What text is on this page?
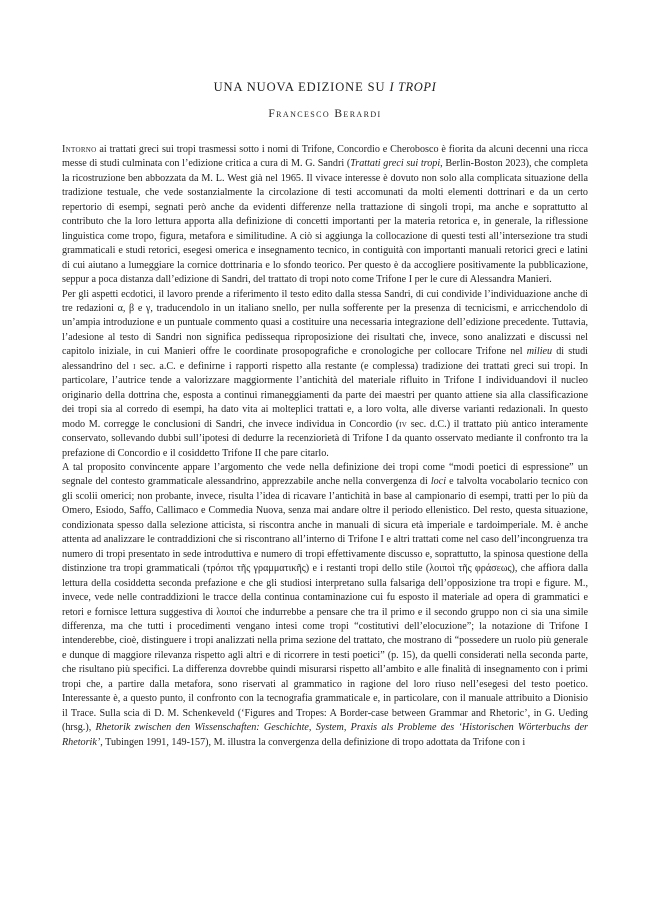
UNA NUOVA EDIZIONE SU I TROPI
Francesco Berardi

Intorno ai trattati greci sui tropi trasmessi sotto i nomi di Trifone, Concordio e Cherobosco è fiorita da alcuni decenni una ricca messe di studi culminata con l’edizione critica a cura di M. G. Sandri (Trattati greci sui tropi, Berlin-Boston 2023), che completa la ricostruzione ben abbozzata da M. L. West già nel 1965. Il vivace interesse è dovuto non solo alla complicata situazione della tradizione testuale, che vede sostanzialmente la circolazione di testi accomunati da molti elementi dottrinari e da un certo repertorio di esempi, segnati però anche da evidenti differenze nella trattazione di singoli tropi, ma anche e soprattutto al contributo che la loro lettura apporta alla definizione di concetti importanti per la materia retorica e, in generale, la riflessione linguistica come tropo, figura, metafora e similitudine. A ciò si aggiunga la collocazione di questi testi all’intersezione tra studi grammaticali e studi retorici, esegesi omerica e insegnamento tecnico, in contiguità con importanti manuali retorici greci e latini di cui aiutano a lumeggiare la cornice dottrinaria e lo sfondo teorico. Per questo è da accogliere positivamente la pubblicazione, seppur a poca distanza dall’edizione di Sandri, del trattato di tropi noto come Trifone I per le cure di Alessandra Manieri.

Per gli aspetti ecdotici, il lavoro prende a riferimento il testo edito dalla stessa Sandri, di cui condivide l’individuazione anche di tre redazioni α, β e γ, traducendolo in un italiano snello, per nulla sofferente per la presenza di tecnicismi, e arricchendolo di un’ampia introduzione e un puntuale commento quasi a costituire una necessaria integrazione dell’edizione precedente. Tuttavia, l’adesione al testo di Sandri non significa pedissequa riproposizione dei risultati che, invece, sono analizzati e discussi nel capitolo iniziale, in cui Manieri offre le coordinate prosopografiche e cronologiche per collocare Trifone nel milieu di studi alessandrino del i sec. a.C. e definirne i rapporti rispetto alla restante (e complessa) tradizione dei trattati greci sui tropi. In particolare, l’autrice tende a valorizzare maggiormente l’antichità del materiale rifluito in Trifone I individuandovi il nucleo originario della dottrina che, esposta a continui rimaneggiamenti da parte dei maestri per quanto attiene sia alla classificazione dei tropi sia al corredo di esempi, ha dato vita ai molteplici trattati e, a loro volta, alle diverse varianti redazionali. In questo modo M. corregge le conclusioni di Sandri, che invece individua in Concordio (iv sec. d.C.) il trattato più antico interamente conservato, sollevando dubbi sull’ipotesi di dedurre la recenziorietà di Trifone I da quanto osservato mediante il confronto tra la prefazione di Concordio e il cosiddetto Trifone II che pare citarlo.

A tal proposito convincente appare l’argomento che vede nella definizione dei tropi come “modi poetici di espressione” un segnale del contesto grammaticale alessandrino, apprezzabile anche nella convergenza di loci e talvolta vocabolario tecnico con gli scolii omerici; non probante, invece, risulta l’idea di ricavare l’antichità in base al campionario di esempi, tratti per lo più da Omero, Esiodo, Saffo, Callimaco e Commedia Nuova, senza mai andare oltre il periodo ellenistico. Del resto, questa situazione, condizionata spesso dalla selezione atticista, si riscontra anche in manuali di sicura età imperiale e tardoimperiale. M. è anche attenta ad analizzare le contraddizioni che si riscontrano all’interno di Trifone I e altri trattati come nel caso dell’incongruenza tra numero di tropi presentato in sede introduttiva e numero di tropi effettivamente discusso e, soprattutto, la spinosa questione della distinzione tra tropi grammaticali (τρόποι τῆς γραμματικῆς) e i restanti tropi dello stile (λοιποὶ τῆς φράσεως), che affiora dalla lettura della cosiddetta seconda prefazione e che gli studiosi interpretano sulla falsariga dell’opposizione tra tropi e figure. M., invece, vede nelle contraddizioni le tracce della continua contaminazione cui fu esposto il materiale ad opera di grammatici e retori e fornisce lettura suggestiva di λοιποί che indurrebbe a pensare che tra il primo e il secondo gruppo non ci sia una simile differenza, ma che tutti i procedimenti vengano intesi come tropi “costitutivi dell’elocuzione”; la notazione di Trifone I intenderebbe, cioè, distinguere i tropi analizzati nella prima sezione del trattato, che mostrano di “possedere un ruolo più generale e dunque di maggiore rilevanza rispetto agli altri e di ricorrere in testi poetici” (p. 15), da quelli considerati nella seconda parte, che risultano più specifici. La differenza dovrebbe quindi misurarsi rispetto all’ambito e alle finalità di insegnamento con i primi tropi che, a partire dalla metafora, sono riservati al grammatico in ragione del loro riuso nell’esegesi del testo poetico. Interessante è, a questo punto, il confronto con la tecnografia grammaticale e, in particolare, con il manuale attribuito a Dionisio il Trace. Sulla scia di D. M. Schenkeveld (‘Figures and Tropes: A Border-case between Grammar and Rhetoric’, in G. Ueding (hrsg.), Rhetorik zwischen den Wissenschaften: Geschichte, System, Praxis als Probleme des ‘Historischen Wörterbuchs der Rhetorik’, Tubingen 1991, 149-157), M. illustra la convergenza della definizione di tropo adottata da Trifone con i
